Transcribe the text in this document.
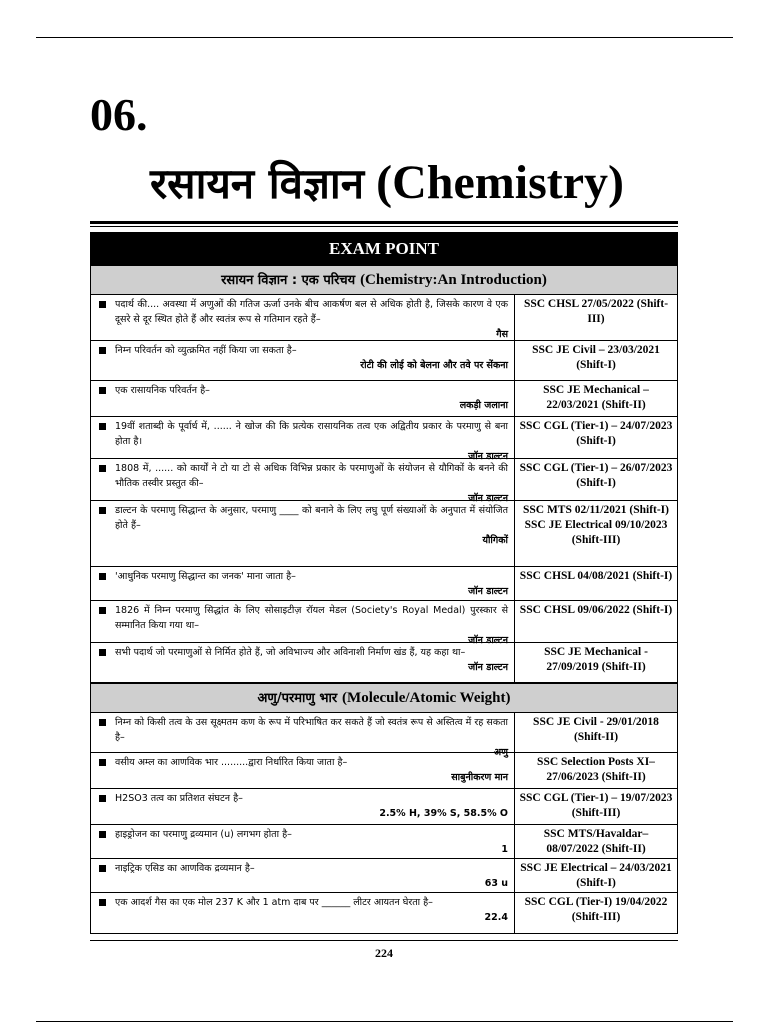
06.
रसायन विज्ञान (Chemistry)
EXAM POINT
रसायन विज्ञान : एक परिचय (Chemistry:An Introduction)
पदार्थ की.... अवस्था में अणुओं की गतिज ऊर्जा उनके बीच आकर्षण बल से अधिक होती है, जिसके कारण वे एक दूसरे से दूर स्थित होते हैं और स्वतंत्र रूप से गतिमान रहते हैं–
गैस
SSC CHSL 27/05/2022 (Shift-III)
निम्न परिवर्तन को व्युत्क्रमित नहीं किया जा सकता है–
रोटी की लोई को बेलना और तवे पर सेंकना
SSC JE Civil – 23/03/2021 (Shift-I)
एक रासायनिक परिवर्तन है–
लकड़ी जलाना
SSC JE Mechanical – 22/03/2021 (Shift-II)
19वीं शताब्दी के पूर्वार्ध में, ...... ने खोज की कि प्रत्येक रासायनिक तत्व एक अद्वितीय प्रकार के परमाणु से बना होता है।
जॉन डाल्टन
SSC CGL (Tier-1) – 24/07/2023 (Shift-I)
1808 में, ...... को कार्यों ने टो या टो से अधिक विभिन्न प्रकार के परमाणुओं के संयोजन से यौगिकों के बनने की भौतिक तस्वीर प्रस्तुत की–
जॉन डाल्टन
SSC CGL (Tier-1) – 26/07/2023 (Shift-I)
डाल्टन के परमाणु सिद्धान्त के अनुसार, परमाणु ____ को बनाने के लिए लघु पूर्ण संख्याओं के अनुपात में संयोजित होते हैं–
यौगिकों
SSC MTS 02/11/2021 (Shift-I) SSC JE Electrical 09/10/2023 (Shift-III)
'आधुनिक परमाणु सिद्धान्त का जनक' माना जाता है–
जॉन डाल्टन
SSC CHSL 04/08/2021 (Shift-I)
1826 में निम्न परमाणु सिद्धांत के लिए सोसाइटीज़ रॉयल मेडल (Society's Royal Medal) पुरस्कार से सम्मानित किया गया था–
जॉन डाल्टन
SSC CHSL 09/06/2022 (Shift-I)
सभी पदार्थ जो परमाणुओं से निर्मित होते हैं, जो अविभाज्य और अविनाशी निर्माण खंड हैं, यह कहा था–
जॉन डाल्टन
SSC JE Mechanical - 27/09/2019 (Shift-II)
अणु/परमाणु भार (Molecule/Atomic Weight)
निम्न को किसी तत्व के उस सूक्ष्मतम कण के रूप में परिभाषित कर सकते हैं जो स्वतंत्र रूप से अस्तित्व में रह सकता है–
अणु
SSC JE Civil - 29/01/2018 (Shift-II)
वसीय अम्ल का आणविक भार .........द्वारा निर्धारित किया जाता है–
साबुनीकरण मान
SSC Selection Posts XI– 27/06/2023 (Shift-II)
H2SO3 तत्व का प्रतिशत संघटन है–
2.5% H, 39% S, 58.5% O
SSC CGL (Tier-1) – 19/07/2023 (Shift-III)
हाइड्रोजन का परमाणु द्रव्यमान (u) लगभग होता है–
1
SSC MTS/Havaldar– 08/07/2022 (Shift-II)
नाइट्रिक एसिड का आणविक द्रव्यमान है–
63 u
SSC JE Electrical – 24/03/2021 (Shift-I)
एक आदर्श गैस का एक मोल 237 K और 1 atm दाब पर ______ लीटर आयतन घेरता है–
22.4
SSC CGL (Tier-I) 19/04/2022 (Shift-III)
224
